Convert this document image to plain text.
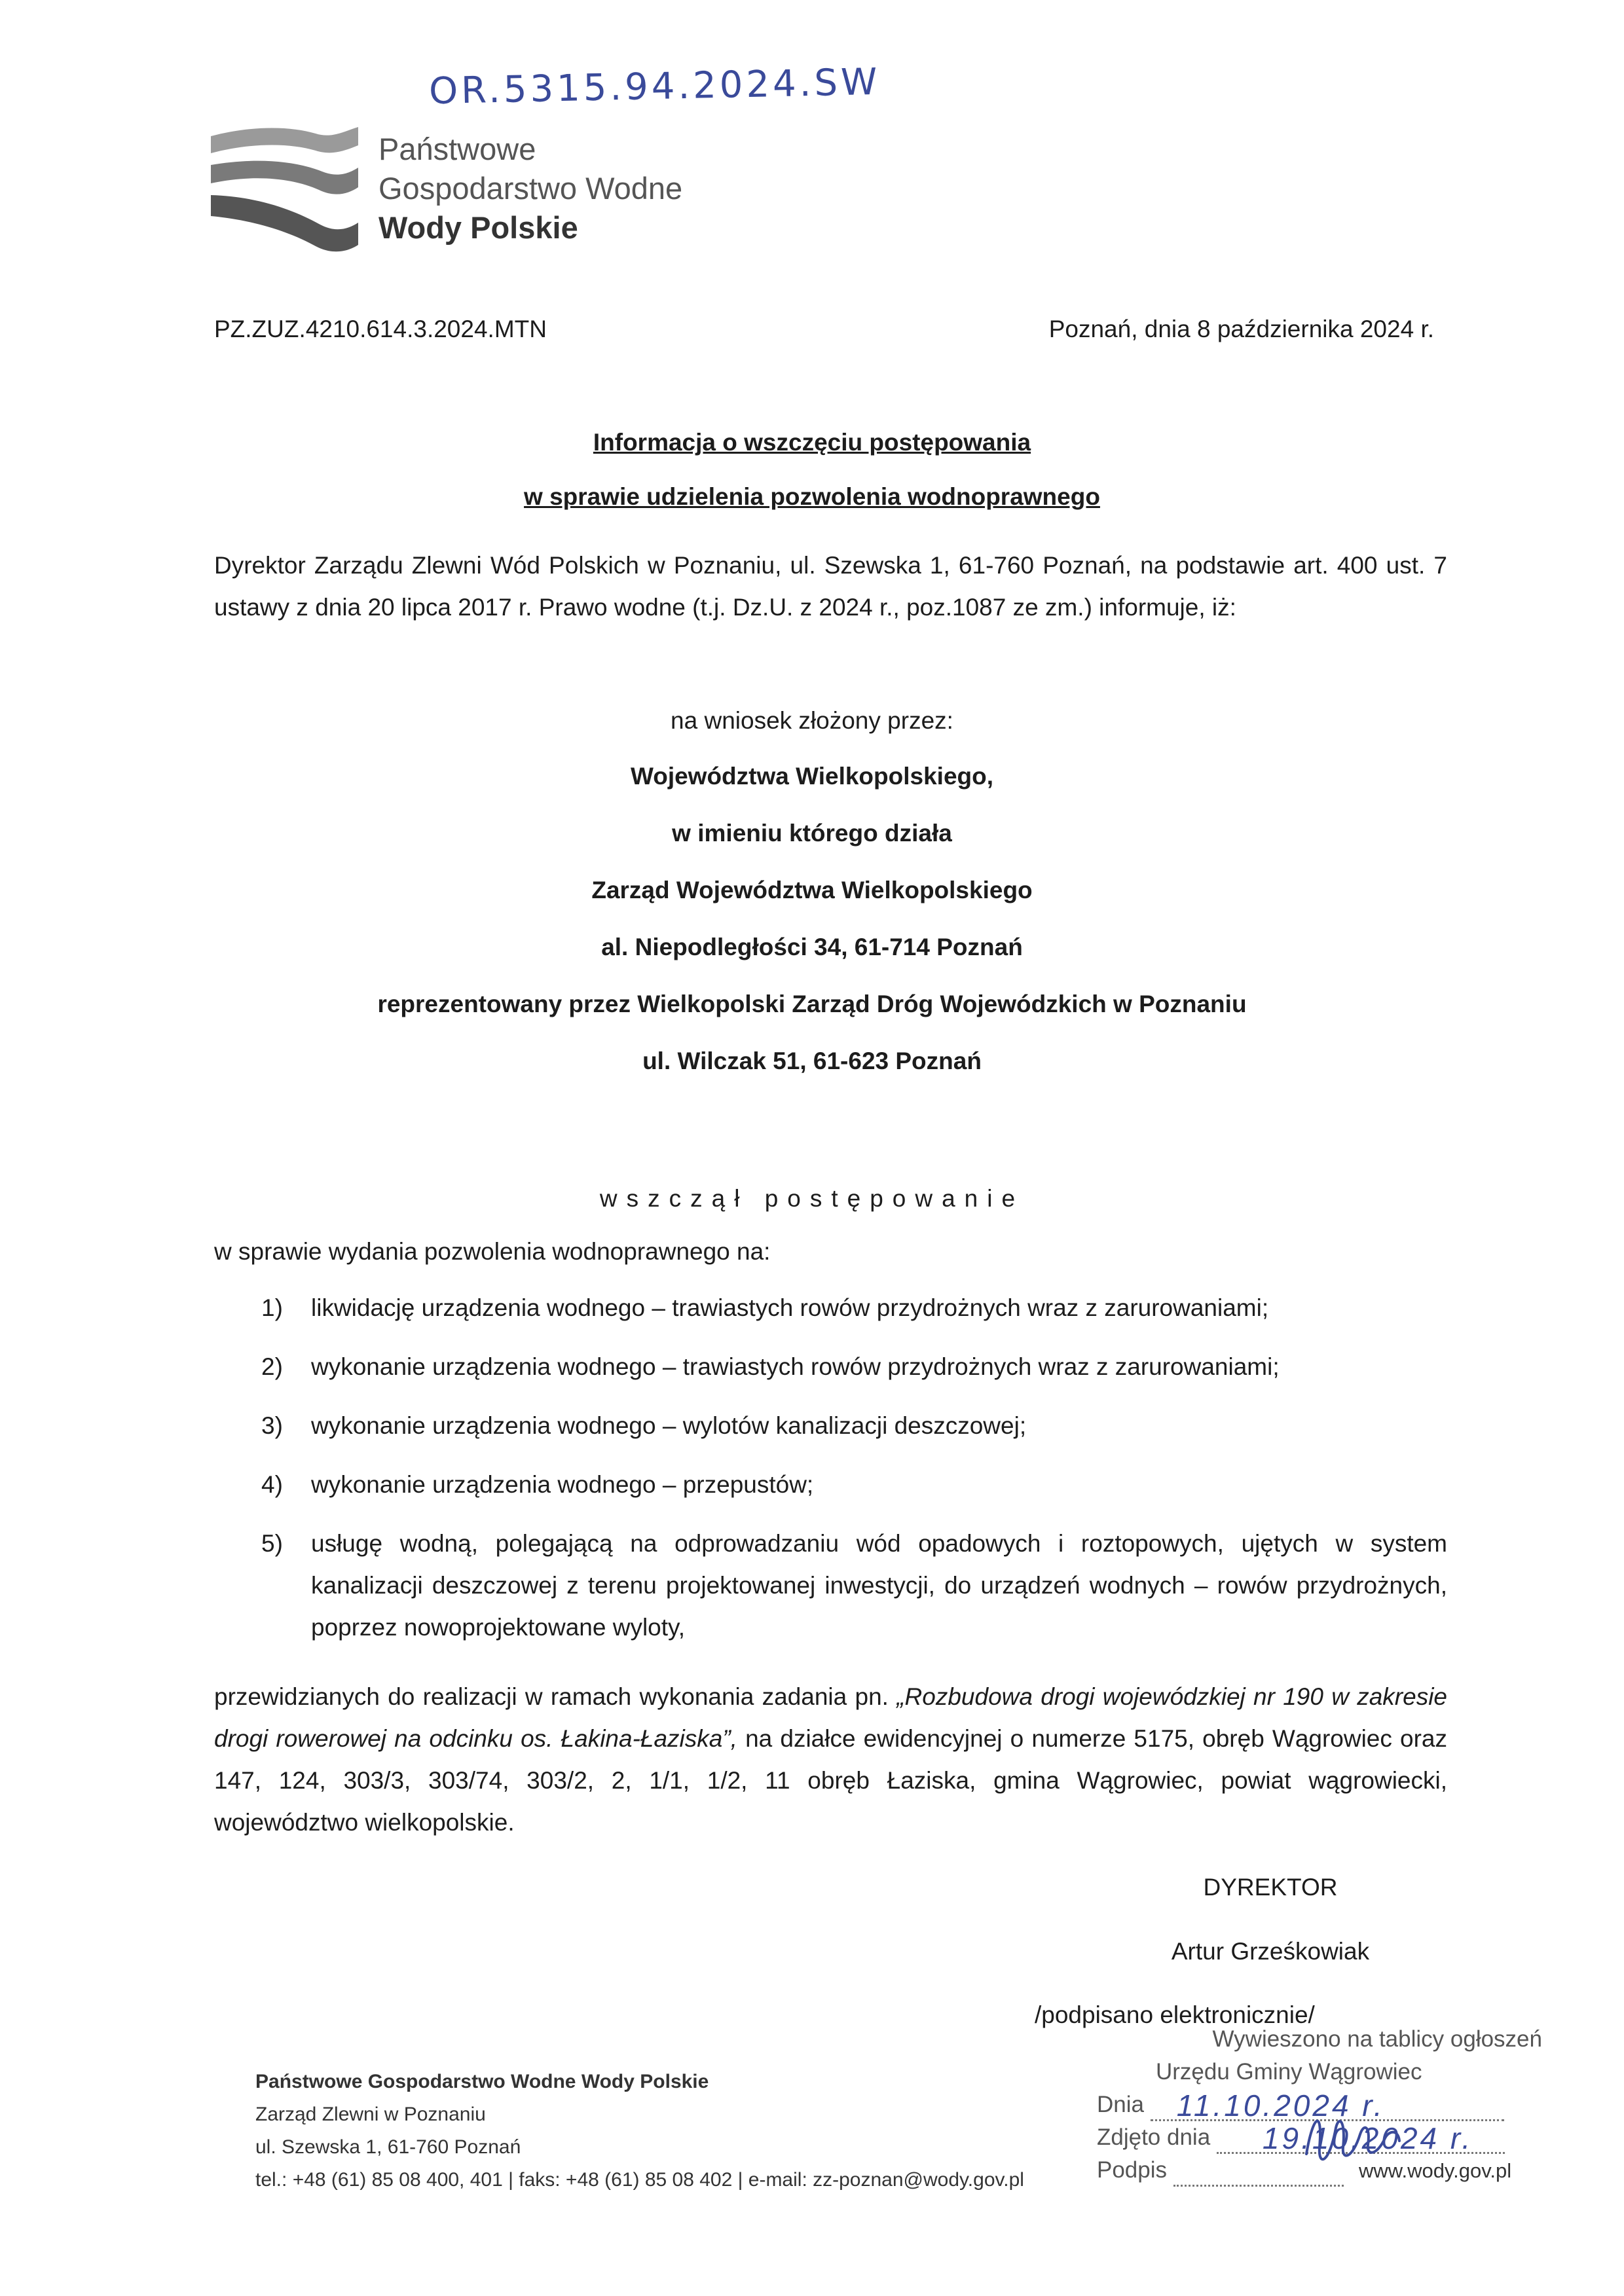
OR.5315.94.2024.SW
Państwowe
Gospodarstwo Wodne
Wody Polskie
PZ.ZUZ.4210.614.3.2024.MTN	Poznań, dnia 8 października 2024 r.
Informacja o wszczęciu postępowania
w sprawie udzielenia pozwolenia wodnoprawnego
Dyrektor Zarządu Zlewni Wód Polskich w Poznaniu, ul. Szewska 1, 61-760 Poznań, na podstawie art. 400 ust. 7 ustawy z dnia 20 lipca 2017 r. Prawo wodne (t.j. Dz.U. z 2024 r., poz.1087 ze zm.) informuje, iż:
na wniosek złożony przez:
Województwa Wielkopolskiego,
w imieniu którego działa
Zarząd Województwa Wielkopolskiego
al. Niepodległości 34, 61-714 Poznań
reprezentowany przez Wielkopolski Zarząd Dróg Wojewódzkich w Poznaniu
ul. Wilczak 51, 61-623 Poznań
wszczął postępowanie
w sprawie wydania pozwolenia wodnoprawnego na:
1) likwidację urządzenia wodnego – trawiastych rowów przydrożnych wraz z zarurowaniami;
2) wykonanie urządzenia wodnego – trawiastych rowów przydrożnych wraz z zarurowaniami;
3) wykonanie urządzenia wodnego – wylotów kanalizacji deszczowej;
4) wykonanie urządzenia wodnego – przepustów;
5) usługę wodną, polegającą na odprowadzaniu wód opadowych i roztopowych, ujętych w system kanalizacji deszczowej z terenu projektowanej inwestycji, do urządzeń wodnych – rowów przydrożnych, poprzez nowoprojektowane wyloty,
przewidzianych do realizacji w ramach wykonania zadania pn. „Rozbudowa drogi wojewódzkiej nr 190 w zakresie drogi rowerowej na odcinku os. Łakina-Łaziska”, na działce ewidencyjnej o numerze 5175, obręb Wągrowiec oraz 147, 124, 303/3, 303/74, 303/2, 2, 1/1, 1/2, 11 obręb Łaziska, gmina Wągrowiec, powiat wągrowiecki, województwo wielkopolskie.
DYREKTOR
Artur Grześkowiak
/podpisano elektronicznie/
Państwowe Gospodarstwo Wodne Wody Polskie
Zarząd Zlewni w Poznaniu
ul. Szewska 1, 61-760 Poznań
tel.: +48 (61) 85 08 400, 401 | faks: +48 (61) 85 08 402 | e-mail: zz-poznan@wody.gov.pl	www.wody.gov.pl
Wywieszono na tablicy ogłoszeń
Urzędu Gminy Wągrowiec
Dnia 11.10.2024 r.
Zdjęto dnia 19.10.2024 r.
Podpis
